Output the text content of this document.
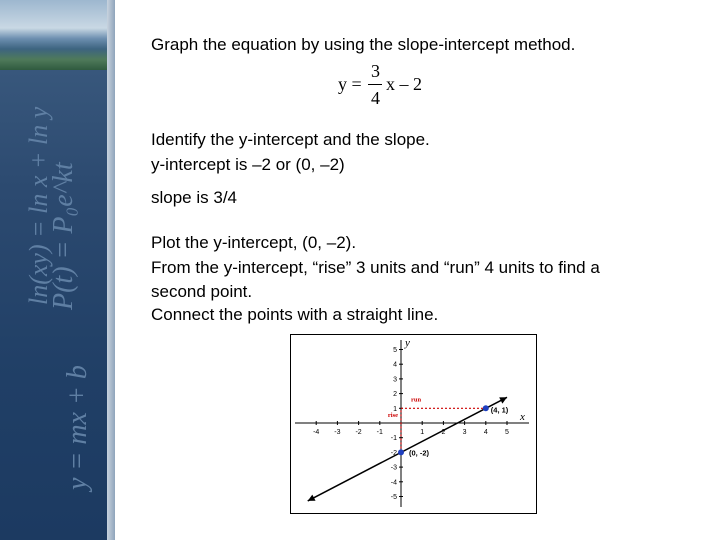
ln(xy) = ln x + ln y
P(t) = P₀e^kt
y = mx + b
Graph the equation by using the slope-intercept method.
y =
3
4
x – 2
Identify the y-intercept and the slope.
y-intercept is –2 or (0, –2)
slope is 3/4
Plot the y-intercept, (0, –2).
From the y-intercept, “rise” 3 units and “run” 4 units to find a
second point.
Connect the points with a straight line.
x
y
-4 -3 -2 -1	1 2 3 4 5
5
4
3
2
1
-1
-2
-3
-4
-5
run
rise
(0, -2)
(4, 1)
